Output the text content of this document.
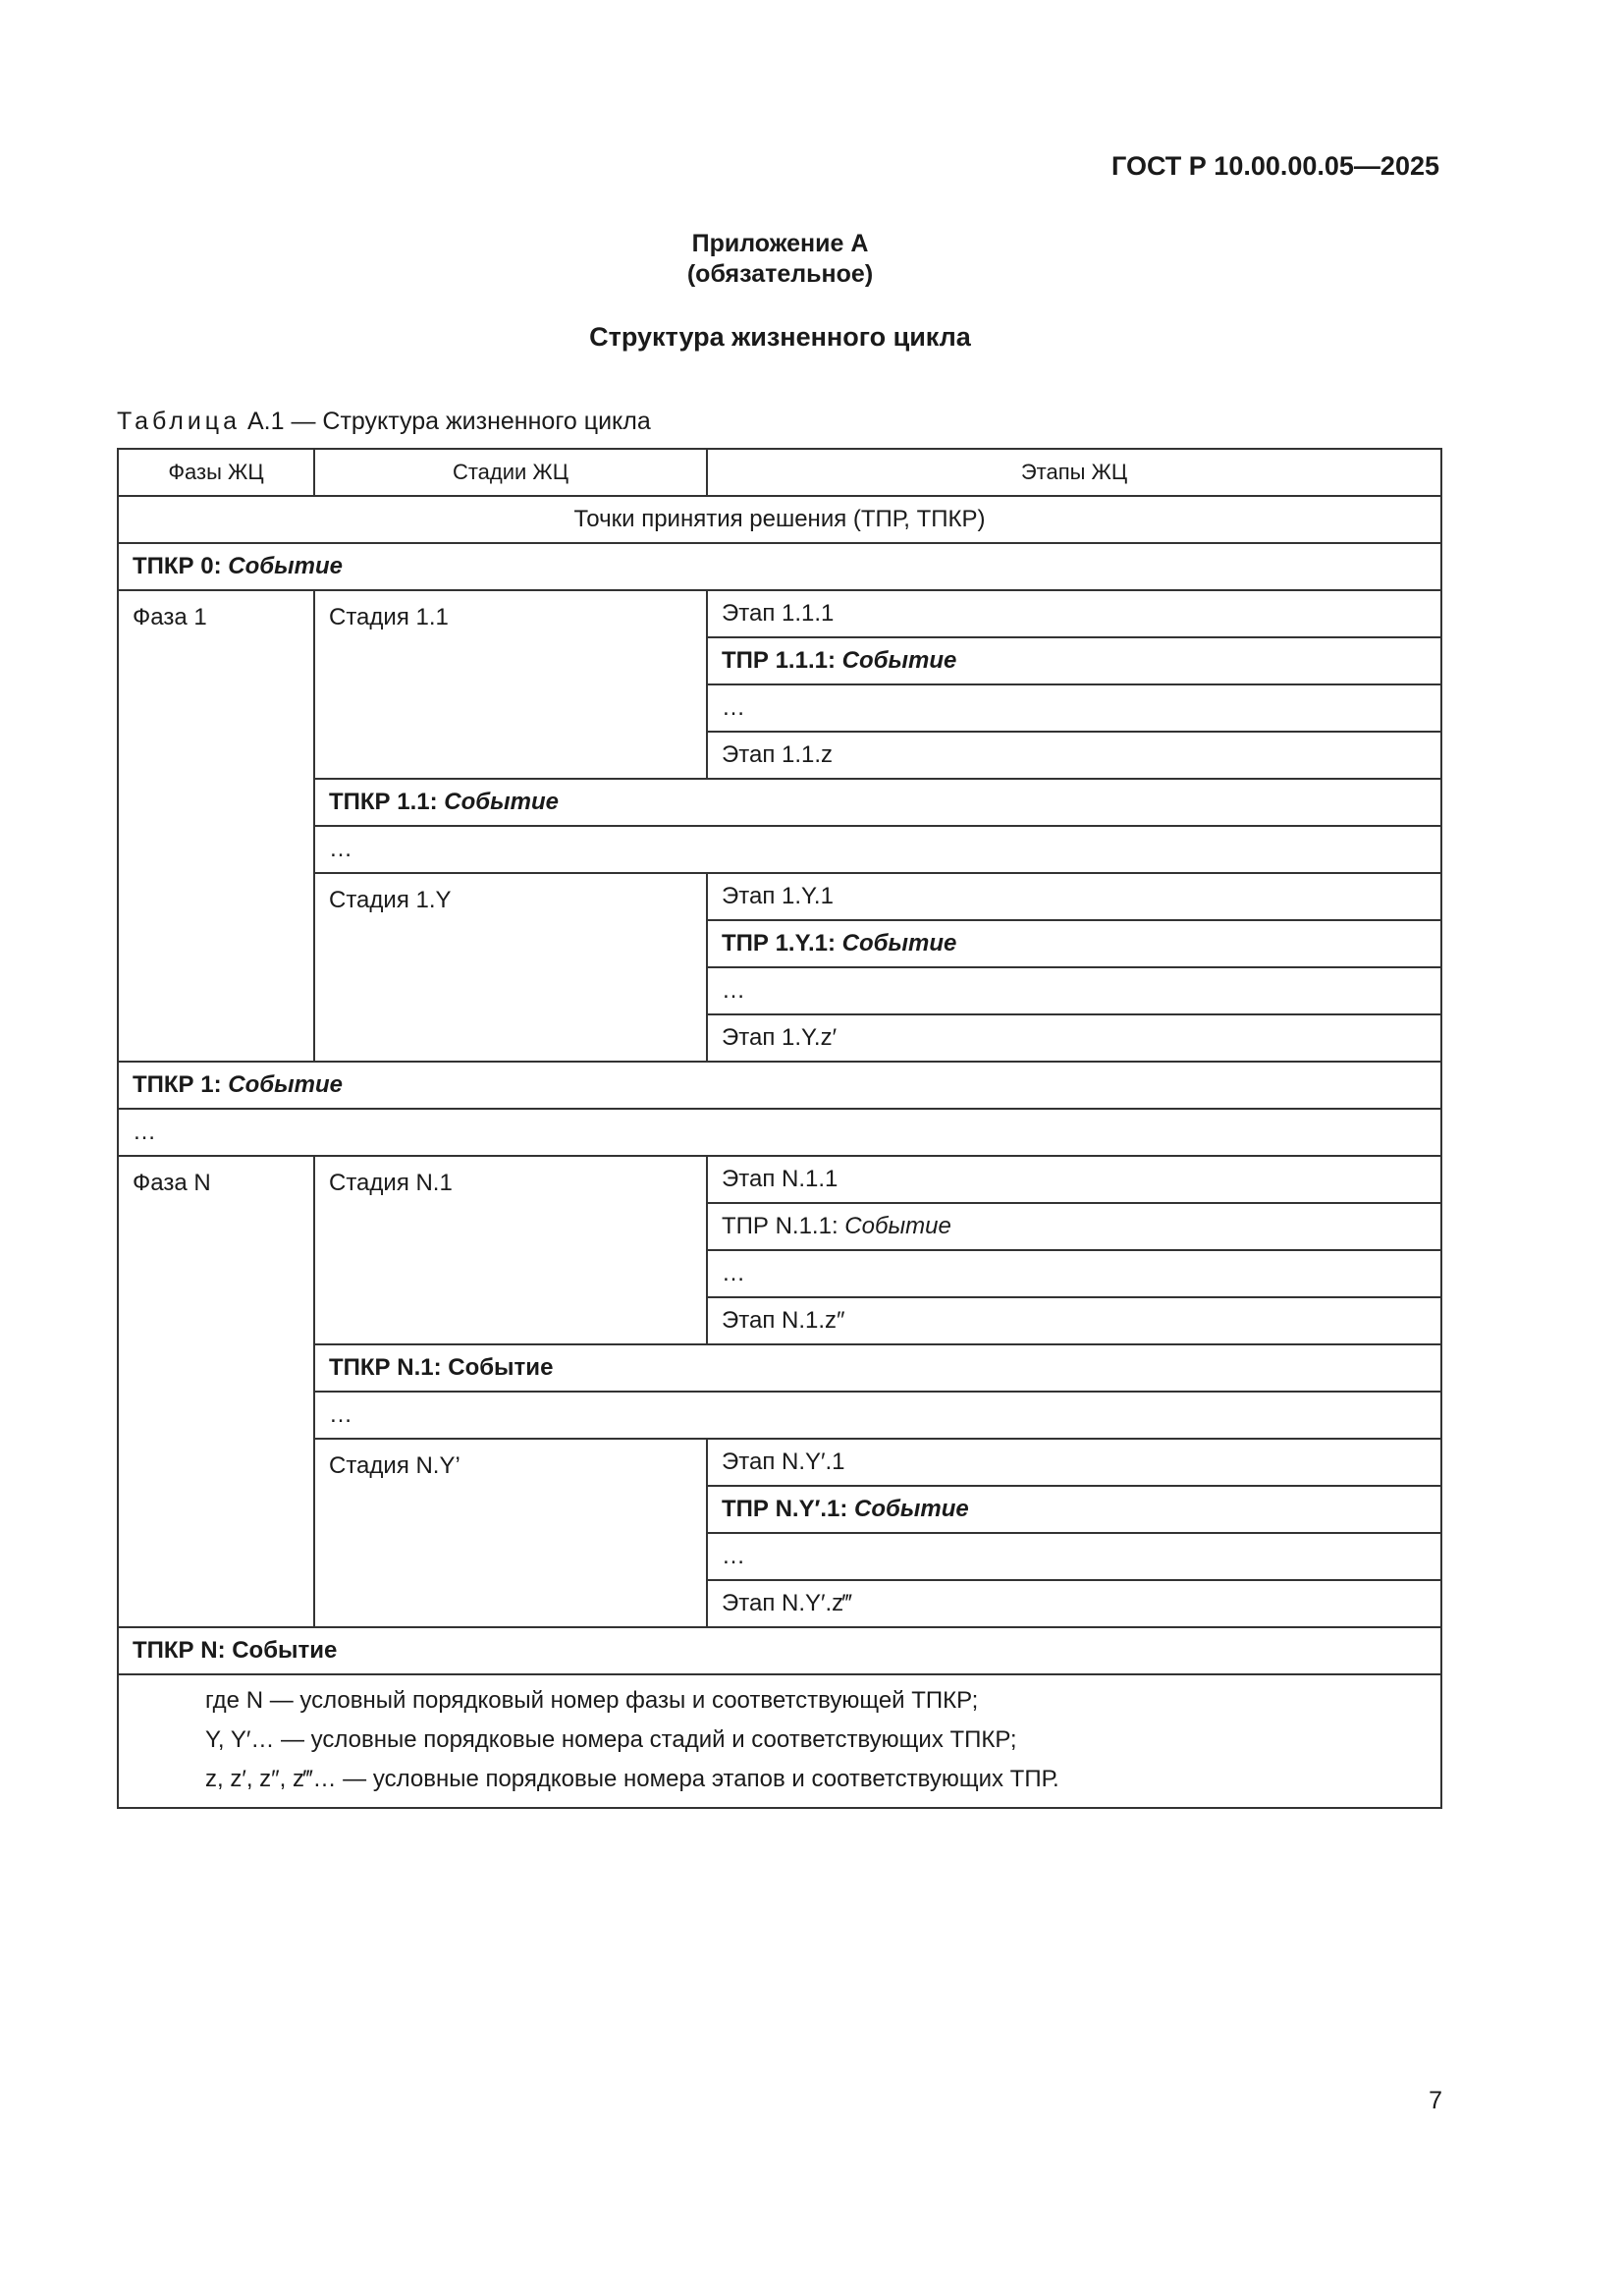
ГОСТ Р 10.00.00.05—2025
Приложение А
(обязательное)
Структура жизненного цикла
Таблица А.1 — Структура жизненного цикла
Фазы ЖЦ	Стадии ЖЦ	Этапы ЖЦ
Точки принятия решения (ТПР, ТПКР)		
ТПКР 0: Событие		
Фаза 1	Стадия 1.1	Этап 1.1.1
		ТПР 1.1.1: Событие
		…
		Этап 1.1.z
	ТПКР 1.1: Событие	
	…	
	Стадия 1.Y	Этап 1.Y.1
		ТПР 1.Y.1: Событие
		…
		Этап 1.Y.z′
ТПКР 1: Событие		
…		
Фаза N	Стадия N.1	Этап N.1.1
		ТПР N.1.1: Событие
		…
		Этап N.1.z″
	ТПКР N.1: Событие	
	…	
	Стадия N.Y’	Этап N.Y′.1
		ТПР N.Y′.1: Событие
		…
		Этап N.Y′.z‴
ТПКР N: Событие		

где N — условный порядковый номер фазы и соответствующей ТПКР;
Y, Y′… — условные порядковые номера стадий и соответствующих ТПКР;
z, z′, z″, z‴… — условные порядковые номера этапов и соответствующих ТПР.		
7
